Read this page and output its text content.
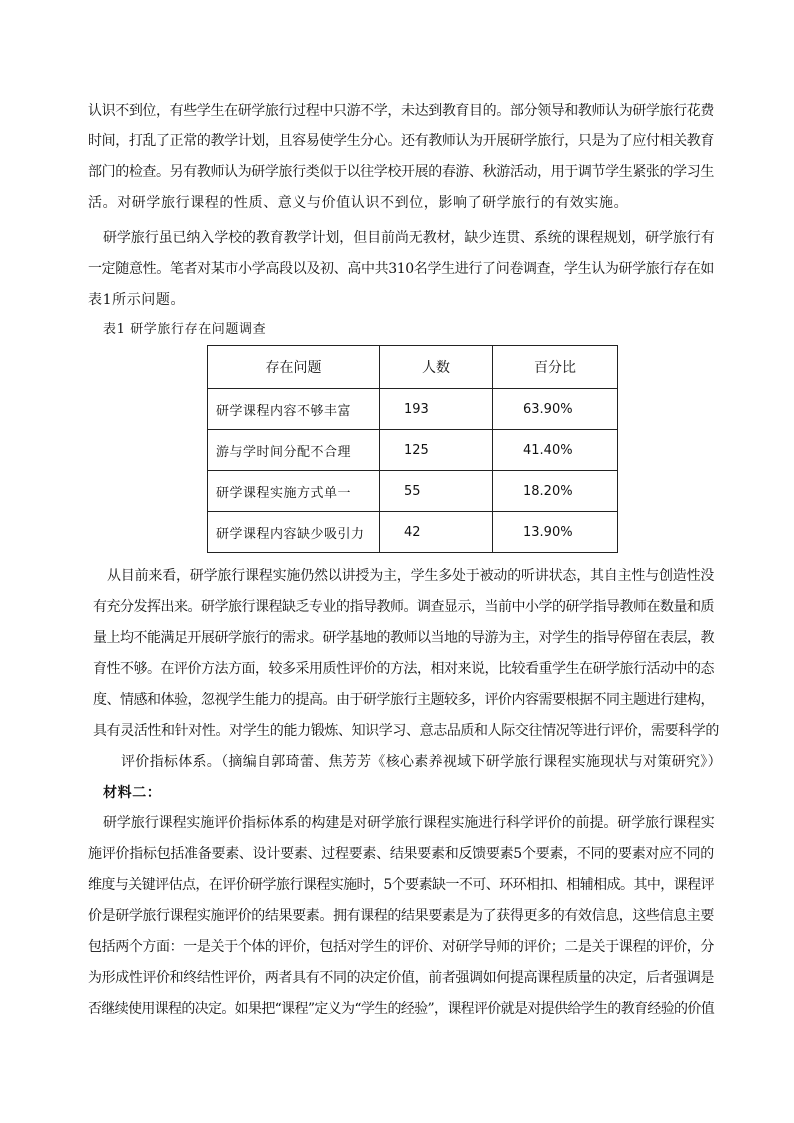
认识不到位，有些学生在研学旅行过程中只游不学，未达到教育目的。部分领导和教师认为研学旅行花费
时间，打乱了正常的教学计划，且容易使学生分心。还有教师认为开展研学旅行，只是为了应付相关教育
部门的检查。另有教师认为研学旅行类似于以往学校开展的春游、秋游活动，用于调节学生紧张的学习生
活。对研学旅行课程的性质、意义与价值认识不到位，影响了研学旅行的有效实施。
研学旅行虽已纳入学校的教育教学计划，但目前尚无教材，缺少连贯、系统的课程规划，研学旅行有
一定随意性。笔者对某市小学高段以及初、高中共310名学生进行了问卷调查，学生认为研学旅行存在如
表1所示问题。
表1 研学旅行存在问题调查
存在问题	人数	百分比
研学课程内容不够丰富	193	63.90%
游与学时间分配不合理	125	41.40%
研学课程实施方式单一	55	18.20%
研学课程内容缺少吸引力	42	13.90%
从目前来看，研学旅行课程实施仍然以讲授为主，学生多处于被动的听讲状态，其自主性与创造性没
有充分发挥出来。研学旅行课程缺乏专业的指导教师。调查显示，当前中小学的研学指导教师在数量和质
量上均不能满足开展研学旅行的需求。研学基地的教师以当地的导游为主，对学生的指导停留在表层，教
育性不够。在评价方法方面，较多采用质性评价的方法，相对来说，比较看重学生在研学旅行活动中的态
度、情感和体验，忽视学生能力的提高。由于研学旅行主题较多，评价内容需要根据不同主题进行建构，
具有灵活性和针对性。对学生的能力锻炼、知识学习、意志品质和人际交往情况等进行评价，需要科学的
评价指标体系。（摘编自郭琦蕾、焦芳芳《核心素养视域下研学旅行课程实施现状与对策研究》）
材料二：
研学旅行课程实施评价指标体系的构建是对研学旅行课程实施进行科学评价的前提。研学旅行课程实
施评价指标包括准备要素、设计要素、过程要素、结果要素和反馈要素5个要素，不同的要素对应不同的
维度与关键评估点，在评价研学旅行课程实施时，5个要素缺一不可、环环相扣、相辅相成。其中，课程评
价是研学旅行课程实施评价的结果要素。拥有课程的结果要素是为了获得更多的有效信息，这些信息主要
包括两个方面：一是关于个体的评价，包括对学生的评价、对研学导师的评价；二是关于课程的评价，分
为形成性评价和终结性评价，两者具有不同的决定价值，前者强调如何提高课程质量的决定，后者强调是
否继续使用课程的决定。如果把“课程”定义为“学生的经验”，课程评价就是对提供给学生的教育经验的价值
